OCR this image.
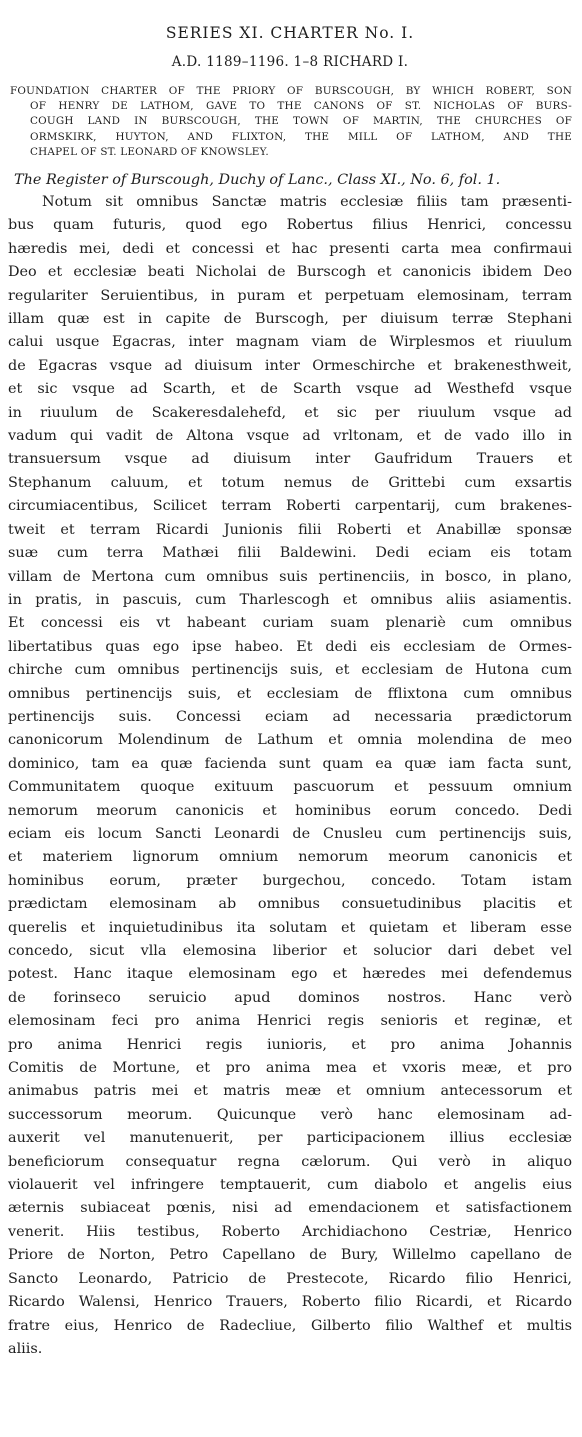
SERIES XI. CHARTER No. I.
A.D. 1189–1196. 1–8 RICHARD I.
FOUNDATION CHARTER OF THE PRIORY OF BURSCOUGH, BY WHICH ROBERT, SON
OF HENRY DE LATHOM, GAVE TO THE CANONS OF ST. NICHOLAS OF BURS-
COUGH LAND IN BURSCOUGH, THE TOWN OF MARTIN, THE CHURCHES OF
ORMSKIRK, HUYTON, AND FLIXTON, THE MILL OF LATHOM, AND THE
CHAPEL OF ST. LEONARD OF KNOWSLEY.
The Register of Burscough, Duchy of Lanc., Class XI., No. 6, fol. 1.
Notum sit omnibus Sanctæ matris ecclesiæ filiis tam præsenti-
bus quam futuris, quod ego Robertus filius Henrici, concessu
hæredis mei, dedi et concessi et hac presenti carta mea confirmaui
Deo et ecclesiæ beati Nicholai de Burscogh et canonicis ibidem Deo
regulariter Seruientibus, in puram et perpetuam elemosinam, terram
illam quæ est in capite de Burscogh, per diuisum terræ Stephani
calui usque Egacras, inter magnam viam de Wirplesmos et riuulum
de Egacras vsque ad diuisum inter Ormeschirche et brakenesthweit,
et sic vsque ad Scarth, et de Scarth vsque ad Westhefd vsque
in riuulum de Scakeresdalehefd, et sic per riuulum vsque ad
vadum qui vadit de Altona vsque ad vrltonam, et de vado illo in
transuersum vsque ad diuisum inter Gaufridum Trauers et
Stephanum caluum, et totum nemus de Grittebi cum exsartis
circumiacentibus, Scilicet terram Roberti carpentarij, cum brakenes-
tweit et terram Ricardi Junionis filii Roberti et Anabillæ sponsæ
suæ cum terra Mathæi filii Baldewini. Dedi eciam eis totam
villam de Mertona cum omnibus suis pertinenciis, in bosco, in plano,
in pratis, in pascuis, cum Tharlescogh et omnibus aliis asiamentis.
Et concessi eis vt habeant curiam suam plenariè cum omnibus
libertatibus quas ego ipse habeo. Et dedi eis ecclesiam de Ormes-
chirche cum omnibus pertinencijs suis, et ecclesiam de Hutona cum
omnibus pertinencijs suis, et ecclesiam de fflixtona cum omnibus
pertinencijs suis. Concessi eciam ad necessaria prædictorum
canonicorum Molendinum de Lathum et omnia molendina de meo
dominico, tam ea quæ facienda sunt quam ea quæ iam facta sunt,
Communitatem quoque exituum pascuorum et pessuum omnium
nemorum meorum canonicis et hominibus eorum concedo. Dedi
eciam eis locum Sancti Leonardi de Cnusleu cum pertinencijs suis,
et materiem lignorum omnium nemorum meorum canonicis et
hominibus eorum, præter burgechou, concedo. Totam istam
prædictam elemosinam ab omnibus consuetudinibus placitis et
querelis et inquietudinibus ita solutam et quietam et liberam esse
concedo, sicut vlla elemosina liberior et solucior dari debet vel
potest. Hanc itaque elemosinam ego et hæredes mei defendemus
de forinseco seruicio apud dominos nostros. Hanc verò
elemosinam feci pro anima Henrici regis senioris et reginæ, et
pro anima Henrici regis iunioris, et pro anima Johannis
Comitis de Mortune, et pro anima mea et vxoris meæ, et pro
animabus patris mei et matris meæ et omnium antecessorum et
successorum meorum. Quicunque verò hanc elemosinam ad-
auxerit vel manutenuerit, per participacionem illius ecclesiæ
beneficiorum consequatur regna cælorum. Qui verò in aliquo
violauerit vel infringere temptauerit, cum diabolo et angelis eius
æternis subiaceat pœnis, nisi ad emendacionem et satisfactionem
venerit. Hiis testibus, Roberto Archidiachono Cestriæ, Henrico
Priore de Norton, Petro Capellano de Bury, Willelmo capellano de
Sancto Leonardo, Patricio de Prestecote, Ricardo filio Henrici,
Ricardo Walensi, Henrico Trauers, Roberto filio Ricardi, et Ricardo
fratre eius, Henrico de Radecliue, Gilberto filio Walthef et multis
aliis.
